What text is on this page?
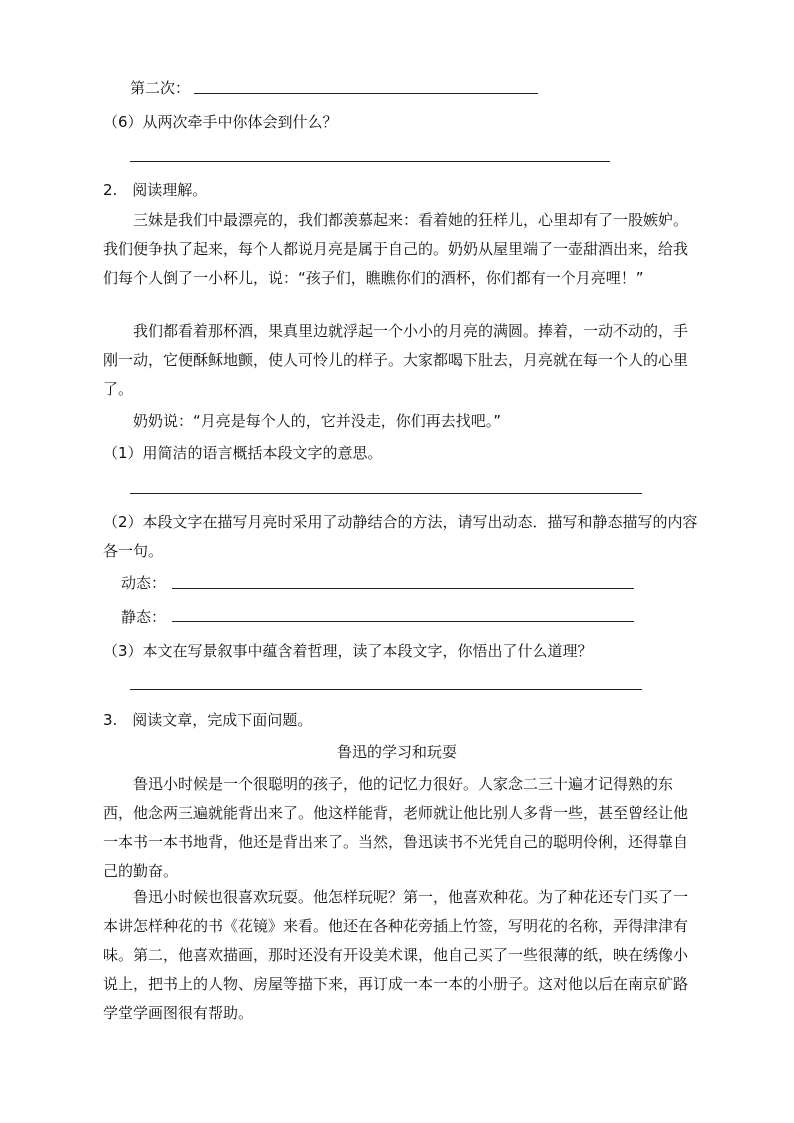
第二次：
（6）从两次牵手中你体会到什么？
2.　阅读理解。
三妹是我们中最漂亮的，我们都羡慕起来：看着她的狂样儿，心里却有了一股嫉妒。我们便争执了起来，每个人都说月亮是属于自己的。奶奶从屋里端了一壶甜酒出来，给我们每个人倒了一小杯儿，说：“孩子们，瞧瞧你们的酒杯，你们都有一个月亮哩！”
我们都看着那杯酒，果真里边就浮起一个小小的月亮的满圆。捧着，一动不动的，手刚一动，它便酥稣地颤，使人可怜儿的样子。大家都喝下肚去，月亮就在每一个人的心里了。
奶奶说：“月亮是每个人的，它并没走，你们再去找吧。”
（1）用简洁的语言概括本段文字的意思。
（2）本段文字在描写月亮时采用了动静结合的方法，请写出动态．描写和静态描写的内容各一句。
动态：
静态：
（3）本文在写景叙事中蕴含着哲理，读了本段文字，你悟出了什么道理？
3.　阅读文章，完成下面问题。
鲁迅的学习和玩耍
鲁迅小时候是一个很聪明的孩子，他的记忆力很好。人家念二三十遍才记得熟的东西，他念两三遍就能背出来了。他这样能背，老师就让他比别人多背一些，甚至曾经让他一本书一本书地背，他还是背出来了。当然，鲁迅读书不光凭自己的聪明伶俐，还得靠自己的勤奋。
鲁迅小时候也很喜欢玩耍。他怎样玩呢？第一，他喜欢种花。为了种花还专门买了一本讲怎样种花的书《花镜》来看。他还在各种花旁插上竹签，写明花的名称，弄得津津有味。第二，他喜欢描画，那时还没有开设美术课，他自己买了一些很薄的纸，映在绣像小说上，把书上的人物、房屋等描下来，再订成一本一本的小册子。这对他以后在南京矿路学堂学画图很有帮助。
